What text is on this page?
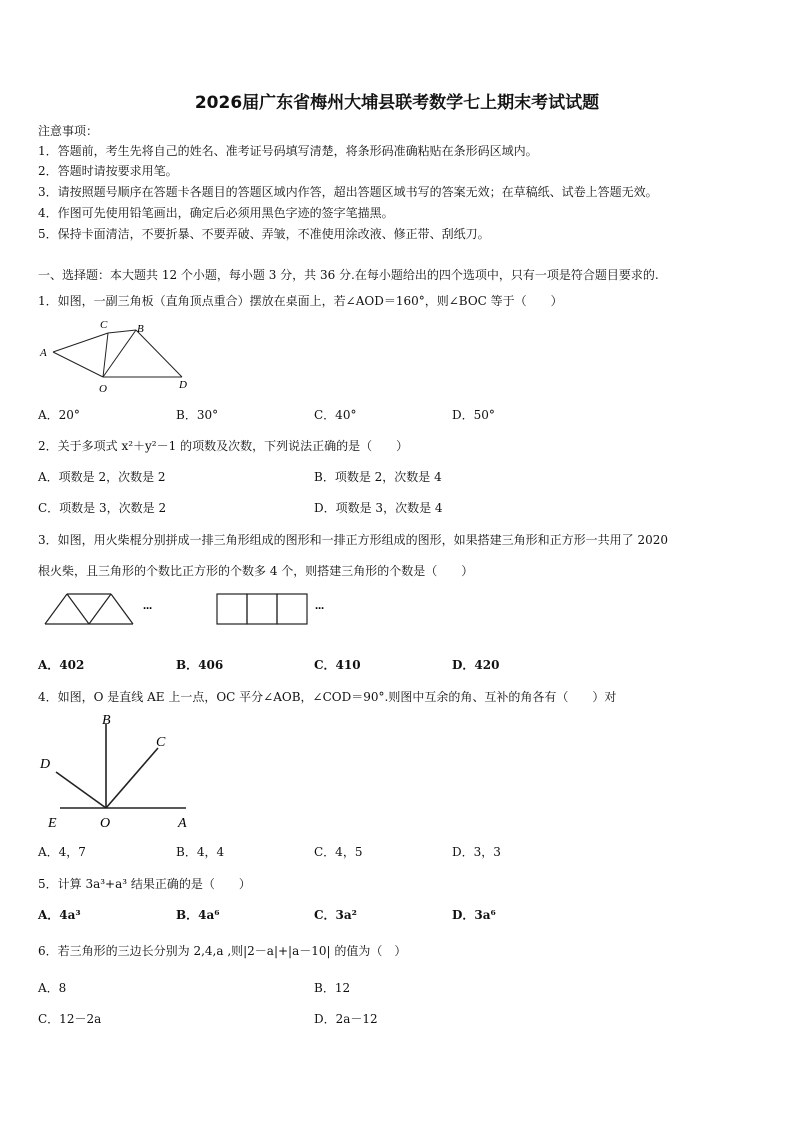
2026届广东省梅州大埔县联考数学七上期末考试试题
注意事项：
1．答题前，考生先将自己的姓名、准考证号码填写清楚，将条形码准确粘贴在条形码区域内。
2．答题时请按要求用笔。
3．请按照题号顺序在答题卡各题目的答题区域内作答，超出答题区域书写的答案无效；在草稿纸、试卷上答题无效。
4．作图可先使用铅笔画出，确定后必须用黑色字迹的签字笔描黑。
5．保持卡面清洁，不要折暴、不要弄破、弄皱，不准使用涂改液、修正带、刮纸刀。
一、选择题：本大题共 12 个小题，每小题 3 分，共 36 分.在每小题给出的四个选项中，只有一项是符合题目要求的.
1．如图，一副三角板（直角顶点重合）摆放在桌面上，若∠AOD＝160°，则∠BOC 等于（　　）
C	B
A
O	D
A．20°	B．30°	C．40°	D．50°
2．关于多项式 x²＋y²－1 的项数及次数，下列说法正确的是（　　）
A．项数是 2，次数是 2	B．项数是 2，次数是 4
C．项数是 3，次数是 2	D．项数是 3，次数是 4
3．如图，用火柴棍分别拼成一排三角形组成的图形和一排正方形组成的图形，如果搭建三角形和正方形一共用了 2020
根火柴，且三角形的个数比正方形的个数多 4 个，则搭建三角形的个数是（　　）
···	···
A．402	B．406	C．410	D．420
4．如图，O 是直线 AE 上一点，OC 平分∠AOB，∠COD＝90°.则图中互余的角、互补的角各有（　　）对
B
C
D
E	O	A
A．4，7	B．4，4	C．4，5	D．3，3
5．计算 3a³+a³ 结果正确的是（　　）
A．4a³	B．4a⁶	C．3a²	D．3a⁶
6．若三角形的三边长分别为 2,4,a ,则|2－a|+|a－10| 的值为（　）
A．8	B．12
C．12－2a	D．2a－12
